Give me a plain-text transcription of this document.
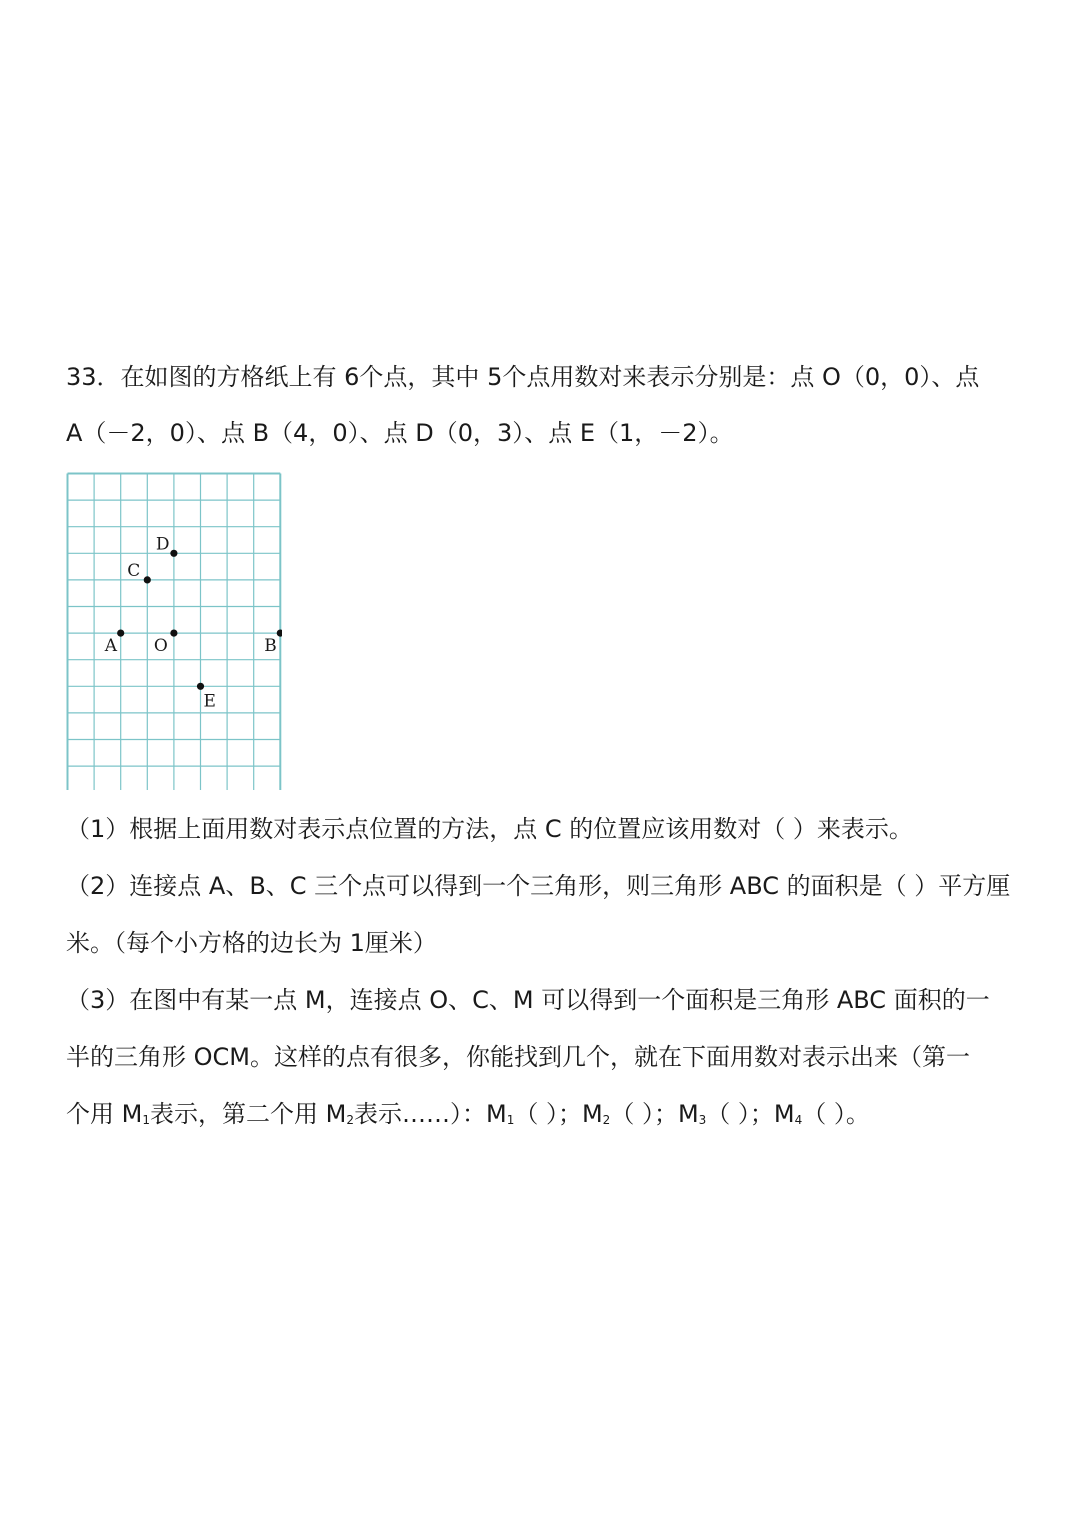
33．在如图的方格纸上有 6个点，其中 5个点用数对来表示分别是：点 O（0，0）、点
A（－2，0）、点 B（4，0）、点 D（0，3）、点 E（1，－2）。
D
C
A O	B
E
（1）根据上面用数对表示点位置的方法，点 C 的位置应该用数对（ ）来表示。
（2）连接点 A、B、C 三个点可以得到一个三角形，则三角形 ABC 的面积是（ ）平方厘
米。（每个小方格的边长为 1厘米）
（3）在图中有某一点 M，连接点 O、C、M 可以得到一个面积是三角形 ABC 面积的一
半的三角形 OCM。这样的点有很多，你能找到几个，就在下面用数对表示出来（第一
个用 $M_1$表示，第二个用 $M_2$表示……）：$M_1$（ ）；$M_2$（ ）；$M_3$（ ）；$M_4$（ ）。
